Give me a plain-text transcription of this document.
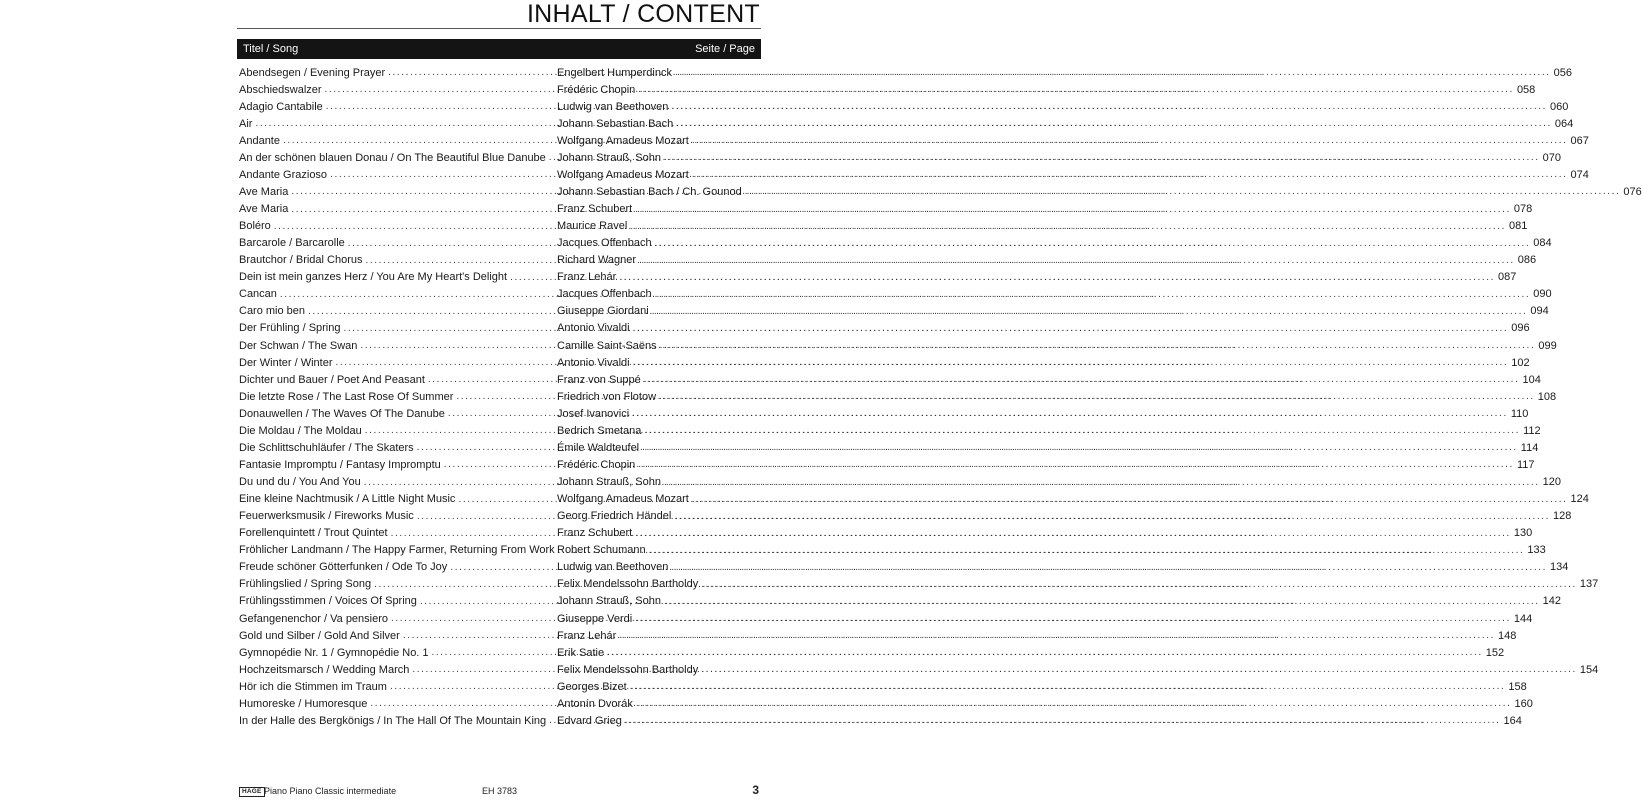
INHALT / CONTENT
Titel / Song	Seite / Page
Abendsegen / Evening Prayer .....	Engelbert Humperdinck .....	056
Abschiedswalzer .....	Frédéric Chopin .....	058
Adagio Cantabile .....	Ludwig van Beethoven .....	060
Air .....	Johann Sebastian Bach .....	064
Andante .....	Wolfgang Amadeus Mozart .....	067
An der schönen blauen Donau / On The Beautiful Blue Danube ..... Johann Strauß, Sohn .....	070
Andante Grazioso .....	Wolfgang Amadeus Mozart .....	074
Ave Maria .....	Johann Sebastian Bach / Ch. Gounod .....	076
Ave Maria .....	Franz Schubert .....	078
Boléro .....	Maurice Ravel .....	081
Barcarole / Barcarolle .....	Jacques Offenbach .....	084
Brautchor / Bridal Chorus .....	Richard Wagner .....	086
Dein ist mein ganzes Herz / You Are My Heart's Delight .....	Franz Lehár .....	087
Cancan .....	Jacques Offenbach .....	090
Caro mio ben .....	Giuseppe Giordani .....	094
Der Frühling / Spring .....	Antonio Vivaldi .....	096
Der Schwan / The Swan .....	Camille Saint-Saëns .....	099
Der Winter / Winter .....	Antonio Vivaldi .....	102
Dichter und Bauer / Poet And Peasant .....	Franz von Suppé .....	104
Die letzte Rose / The Last Rose Of Summer .....	Friedrich von Flotow .....	108
Donauwellen / The Waves Of The Danube .....	Josef Ivanovici .....	110
Die Moldau / The Moldau .....	Bedrich Smetana .....	112
Die Schlittschuhläufer / The Skaters .....	Émile Waldteufel .....	114
Fantasie Impromptu / Fantasy Impromptu .....	Frédéric Chopin .....	117
Du und du / You And You .....	Johann Strauß, Sohn .....	120
Eine kleine Nachtmusik / A Little Night Music .....	Wolfgang Amadeus Mozart .....	124
Feuerwerksmusik / Fireworks Music .....	Georg Friedrich Händel .....	128
Forellenquintett / Trout Quintet .....	Franz Schubert .....	130
Fröhlicher Landmann / The Happy Farmer, Returning From Work ..... Robert Schumann .....	133
Freude schöner Götterfunken / Ode To Joy .....	Ludwig van Beethoven .....	134
Frühlingslied / Spring Song .....	Felix Mendelssohn Bartholdy .....	137
Frühlingsstimmen / Voices Of Spring .....	Johann Strauß, Sohn .....	142
Gefangenenchor / Va pensiero .....	Giuseppe Verdi .....	144
Gold und Silber / Gold And Silver .....	Franz Lehár .....	148
Gymnopédie Nr. 1 / Gymnopédie No. 1 .....	Erik Satie .....	152
Hochzeitsmarsch / Wedding March .....	Felix Mendelssohn Bartholdy .....	154
Hör ich die Stimmen im Traum .....	Georges Bizet .....	158
Humoreske / Humoresque .....	Antonín Dvorák .....	160
In der Halle des Bergkönigs / In The Hall Of The Mountain King ..... Edvard Grieg .....	164
HAGE Piano Piano Classic intermediate	EH 3783	3
